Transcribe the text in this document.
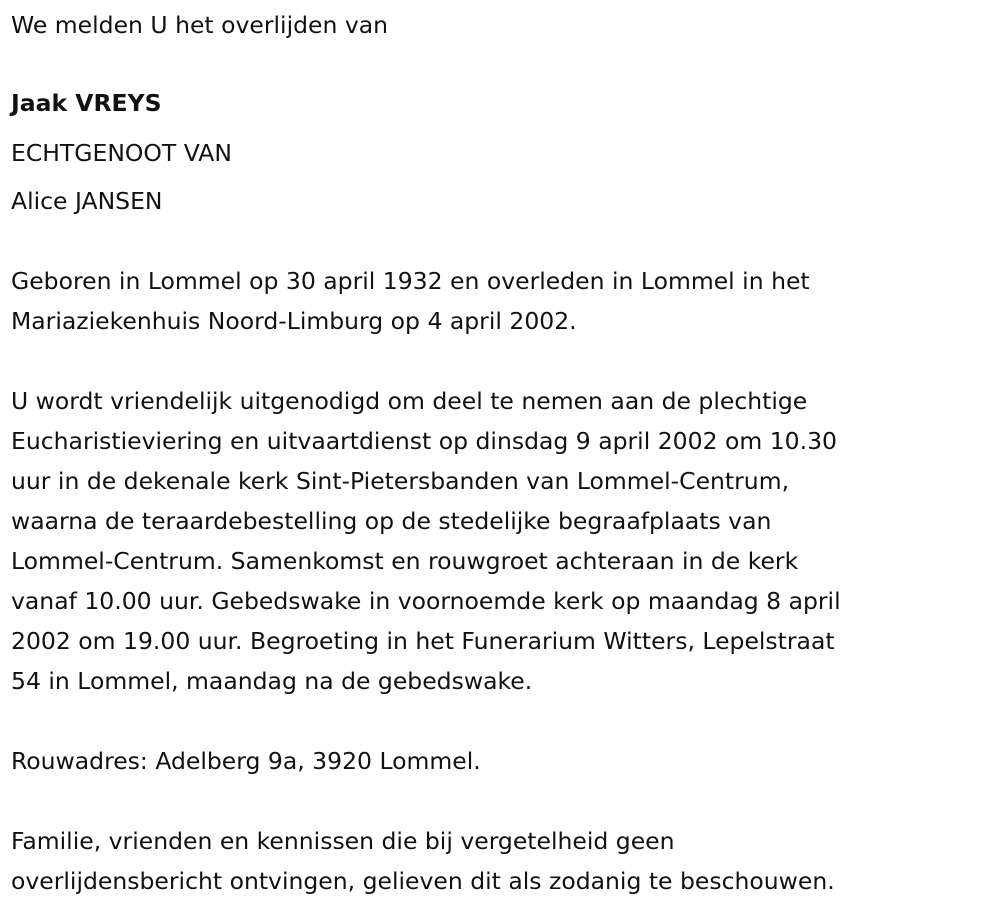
We melden U het overlijden van
Jaak VREYS
ECHTGENOOT VAN
Alice JANSEN
Geboren in Lommel op 30 april 1932 en overleden in Lommel in het
Mariaziekenhuis Noord-Limburg op 4 april 2002.
U wordt vriendelijk uitgenodigd om deel te nemen aan de plechtige
Eucharistieviering en uitvaartdienst op dinsdag 9 april 2002 om 10.30
uur in de dekenale kerk Sint-Pietersbanden van Lommel-Centrum,
waarna de teraardebestelling op de stedelijke begraafplaats van
Lommel-Centrum. Samenkomst en rouwgroet achteraan in de kerk
vanaf 10.00 uur. Gebedswake in voornoemde kerk op maandag 8 april
2002 om 19.00 uur. Begroeting in het Funerarium Witters, Lepelstraat
54 in Lommel, maandag na de gebedswake.
Rouwadres: Adelberg 9a, 3920 Lommel.
Familie, vrienden en kennissen die bij vergetelheid geen
overlijdensbericht ontvingen, gelieven dit als zodanig te beschouwen.
